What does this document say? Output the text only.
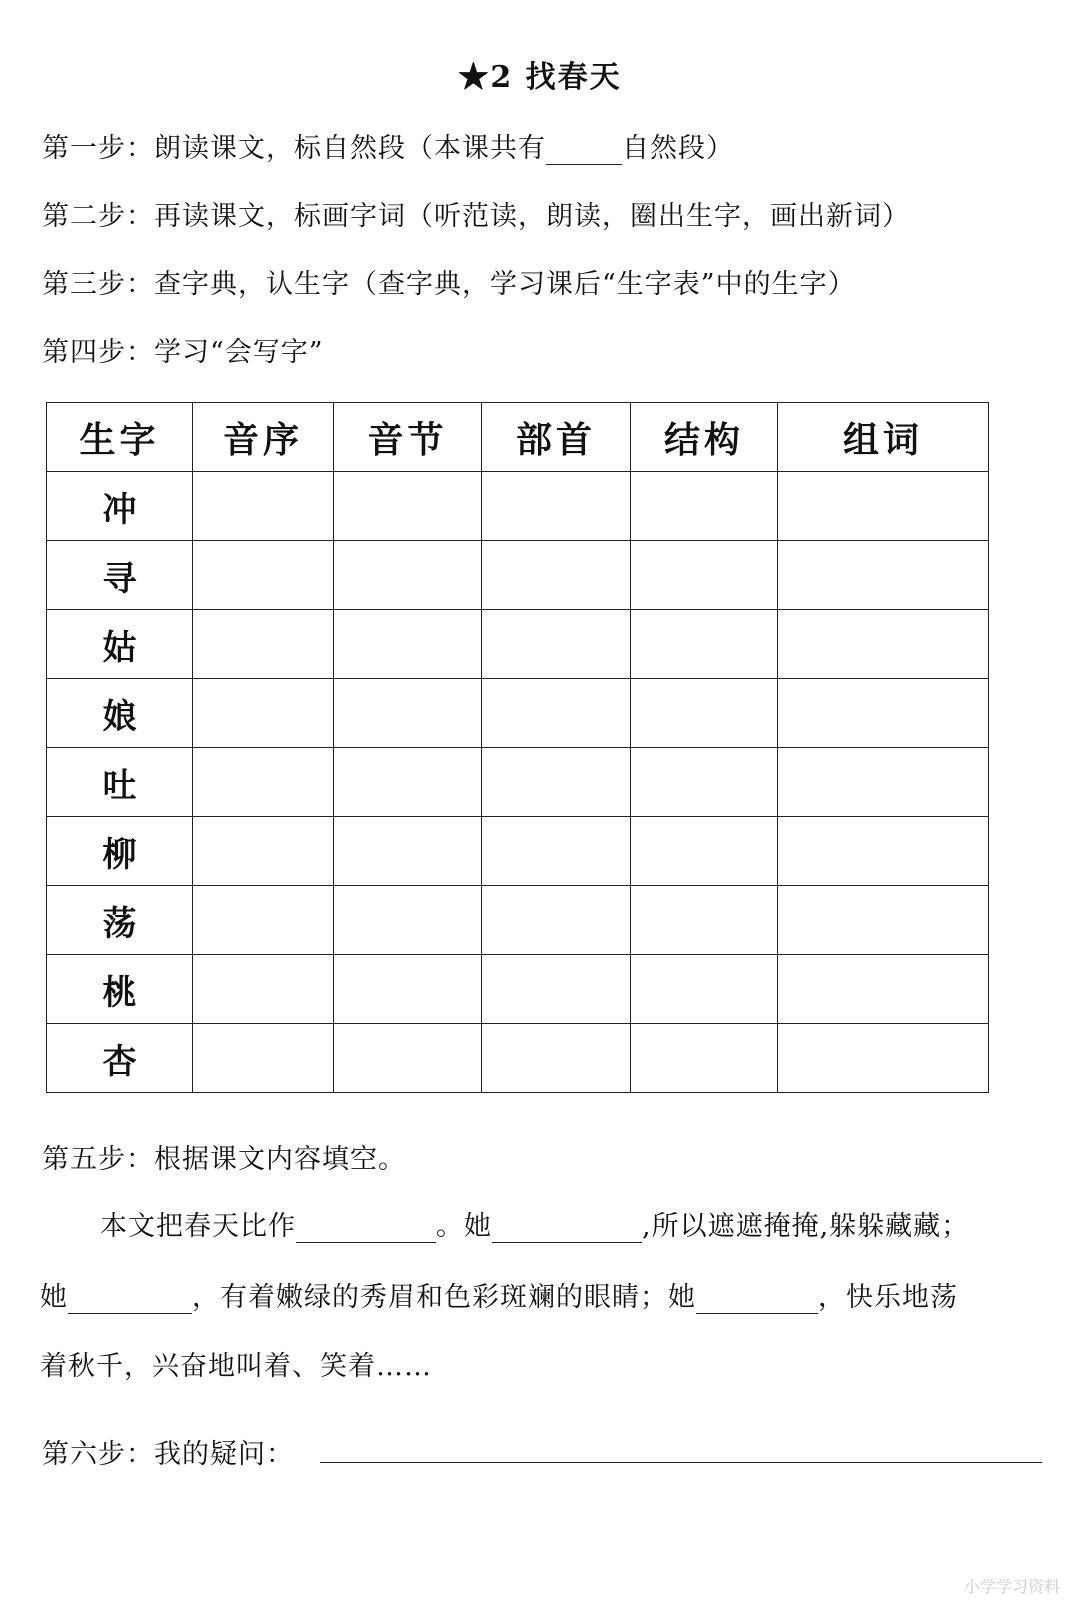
★2 找春天
第一步：朗读课文，标自然段（本课共有	自然段）
第二步：再读课文，标画字词（听范读，朗读，圈出生字，画出新词）
第三步：查字典，认生字（查字典，学习课后“生字表”中的生字）
第四步：学习“会写字”
生字	音序	音节	部首	结构	组词
冲					
寻					
姑					
娘					
吐					
柳					
荡					
桃					
杏					
第五步：根据课文内容填空。
本文把春天比作	。她	,所以遮遮掩掩,躲躲藏藏；
她	，有着嫩绿的秀眉和色彩斑斓的眼睛；她	，快乐地荡
着秋千，兴奋地叫着、笑着……
第六步：我的疑问：
小学学习资料
